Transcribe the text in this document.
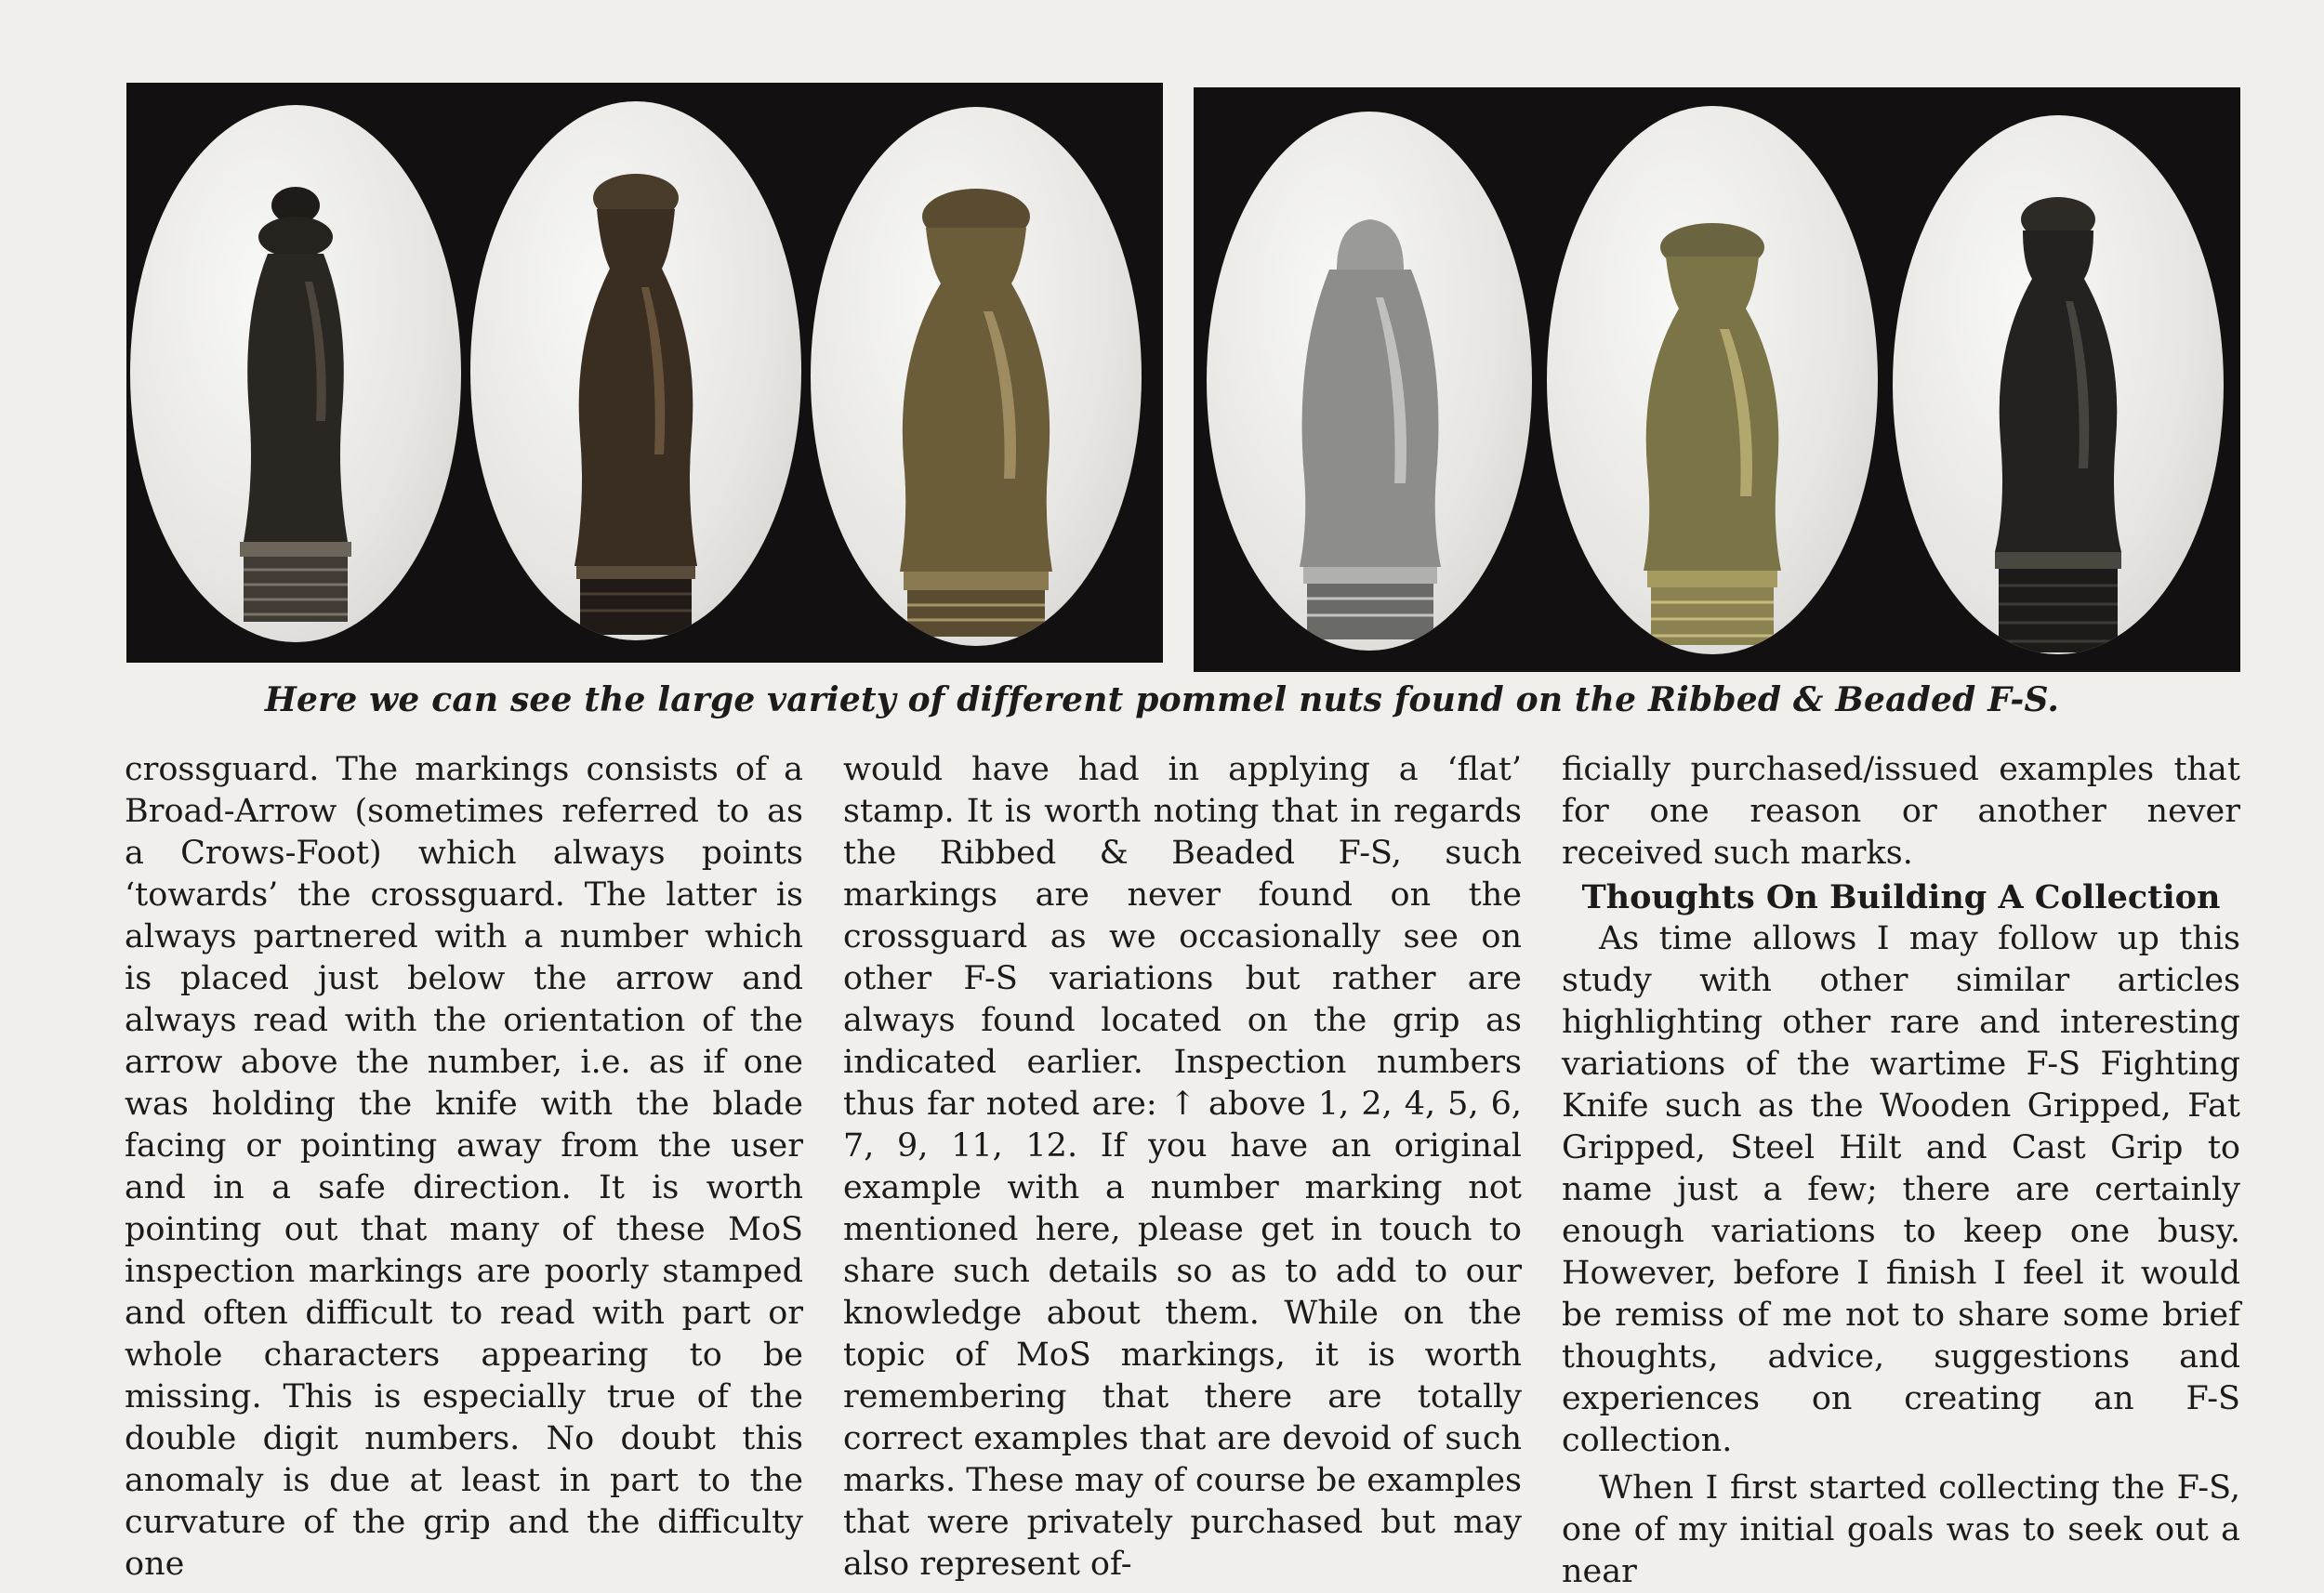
Here we can see the large variety of different pommel nuts found on the Ribbed & Beaded F-S.

crossguard. The markings consists of a Broad-Arrow (sometimes referred to as a Crows-Foot) which always points ‘towards’ the crossguard. The latter is always partnered with a number which is placed just below the arrow and always read with the orientation of the arrow above the number, i.e. as if one was holding the knife with the blade facing or pointing away from the user and in a safe direction. It is worth pointing out that many of these MoS inspection markings are poorly stamped and often difficult to read with part or whole characters appearing to be missing. This is especially true of the double digit numbers. No doubt this anomaly is due at least in part to the curvature of the grip and the difficulty one

would have had in applying a ‘flat’ stamp. It is worth noting that in regards the Ribbed & Beaded F-S, such markings are never found on the crossguard as we occasionally see on other F-S variations but rather are always found located on the grip as indicated earlier. Inspection numbers thus far noted are: ↑ above 1, 2, 4, 5, 6, 7, 9, 11, 12. If you have an original example with a number marking not mentioned here, please get in touch to share such details so as to add to our knowledge about them. While on the topic of MoS markings, it is worth remembering that there are totally correct examples that are devoid of such marks. These may of course be examples that were privately purchased but may also represent of-

ficially purchased/issued examples that for one reason or another never received such marks.

Thoughts On Building A Collection

As time allows I may follow up this study with other similar articles highlighting other rare and interesting variations of the wartime F-S Fighting Knife such as the Wooden Gripped, Fat Gripped, Steel Hilt and Cast Grip to name just a few; there are certainly enough variations to keep one busy. However, before I finish I feel it would be remiss of me not to share some brief thoughts, advice, suggestions and experiences on creating an F-S collection.

When I first started collecting the F-S, one of my initial goals was to seek out a near
